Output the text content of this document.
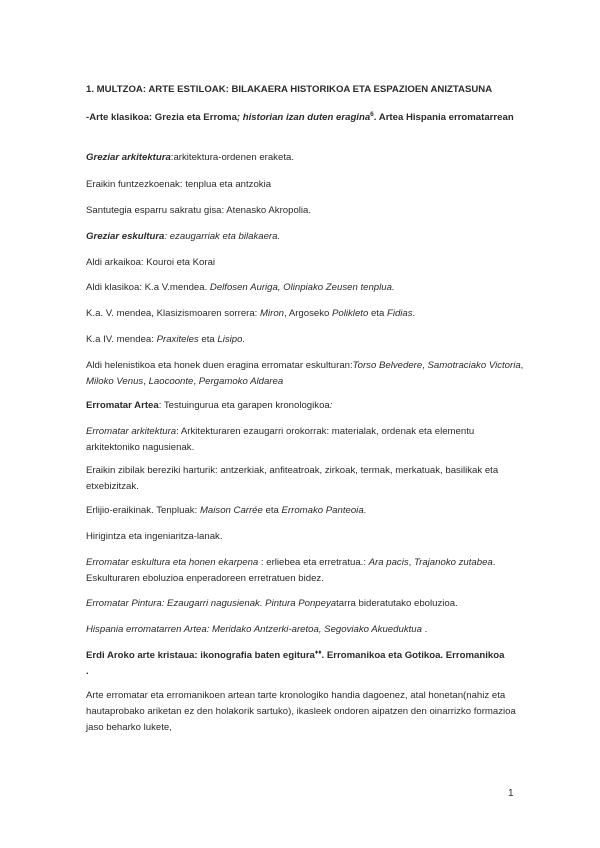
1. MULTZOA: ARTE ESTILOAK: BILAKAERA HISTORIKOA ETA ESPAZIOEN ANIZTASUNA

-Arte klasikoa: Grezia eta Erroma; historian izan duten eragina$^6$. Artea Hispania erromatarrean

Greziar arkitektura:arkitektura-ordenen eraketa.

Eraikin funtzezkoenak: tenplua eta antzokia

Santutegia esparru sakratu gisa: Atenasko Akropolia.

Greziar eskultura: ezaugarriak eta bilakaera.

Aldi arkaikoa: Kouroi eta Korai

Aldi klasikoa: K.a V.mendea. Delfosen Auriga, Olinpiako Zeusen tenplua.

K.a. V. mendea, Klasizismoaren sorrera: Miron, Argoseko Polikleto eta Fidias.

K.a IV. mendea: Praxiteles eta Lisipo.

Aldi helenistikoa eta honek duen eragina erromatar eskulturan:Torso Belvedere, Samotraciako Victoria, Miloko Venus, Laocoonte, Pergamoko Aldarea

Erromatar Artea: Testuingurua eta garapen kronologikoa:

Erromatar arkitektura: Arkitekturaren ezaugarri orokorrak: materialak, ordenak eta elementu arkitektoniko nagusienak.

Eraikin zibilak bereziki harturik: antzerkiak, anfiteatroak, zirkoak, termak, merkatuak, basilikak eta etxebizitzak.

Erlijio-eraikinak. Tenpluak: Maison Carrée eta Erromako Panteoia.

Hirigintza eta ingeniaritza-lanak.

Erromatar eskultura eta honen ekarpena : erliebea eta erretratua.: Ara pacis, Trajanoko zutabea. Eskulturaren eboluzioa enperadoreen erretratuen bidez.

Erromatar Pintura: Ezaugarri nagusienak. Pintura Ponpeyatarra bideratutako eboluzioa.

Hispania erromatarren Artea: Meridako Antzerki-aretoa, Segoviako Akueduktua .

Erdi Aroko arte kristaua: ikonografia baten egitura♦♦. Erromanikoa eta Gotikoa. Erromanikoa
.

Arte erromatar eta erromanikoen artean tarte kronologiko handia dagoenez, atal honetan(nahiz eta hautaprobako ariketan ez den holakorik sartuko), ikasleek ondoren aipatzen den oinarrizko formazioa jaso beharko lukete,

1
